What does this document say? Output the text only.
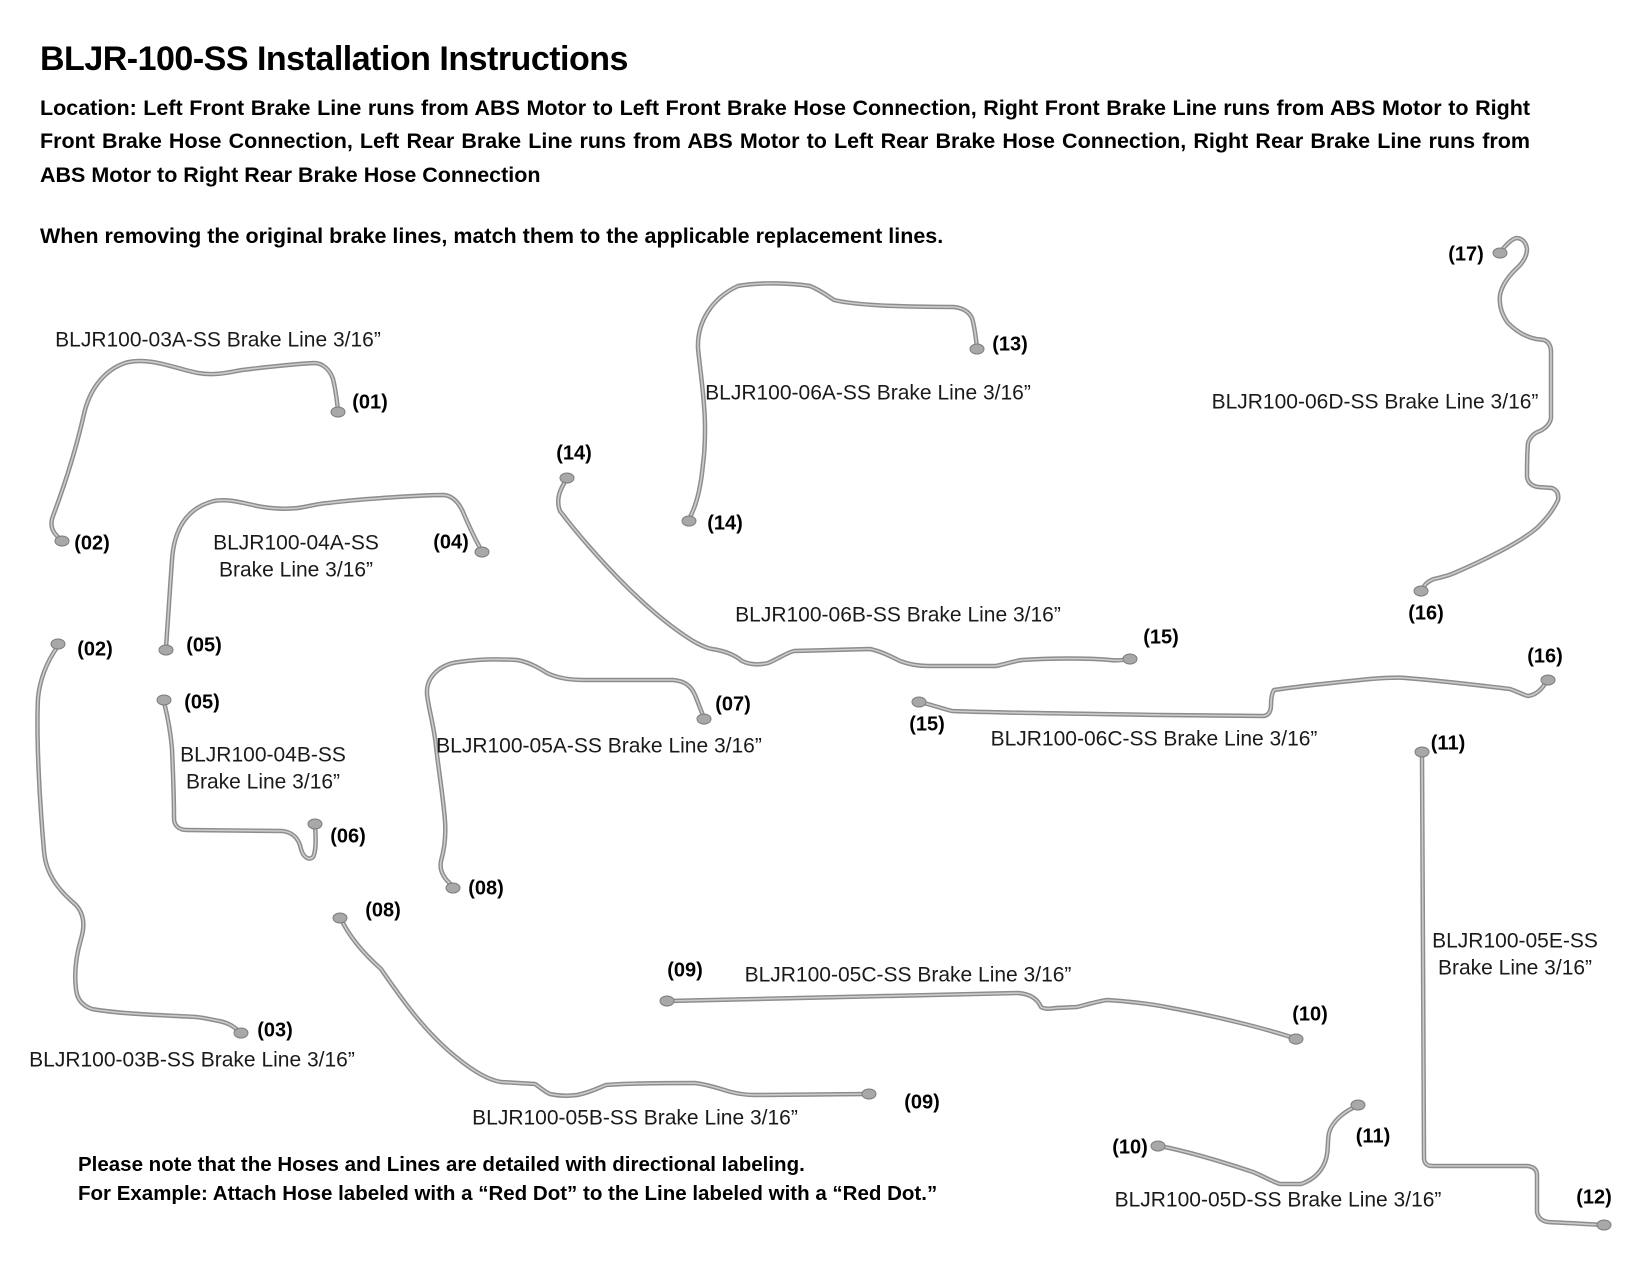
BLJR-100-SS Installation Instructions

Location: Left Front Brake Line runs from ABS Motor to Left Front Brake Hose Connection, Right Front Brake Line runs from ABS Motor to Right Front Brake Hose Connection, Left Rear Brake Line runs from ABS Motor to Left Rear Brake Hose Connection, Right Rear Brake Line runs from ABS Motor to Right Rear Brake Hose Connection

When removing the original brake lines, match them to the applicable replacement lines.

BLJR100-03A-SS Brake Line 3/16”
BLJR100-04A-SS
Brake Line 3/16”
BLJR100-04B-SS
Brake Line 3/16”
BLJR100-05A-SS Brake Line 3/16”
BLJR100-06A-SS Brake Line 3/16”
BLJR100-06B-SS Brake Line 3/16”
BLJR100-06C-SS Brake Line 3/16”
BLJR100-06D-SS Brake Line 3/16”
BLJR100-05C-SS Brake Line 3/16”
BLJR100-05E-SS
Brake Line 3/16”
BLJR100-03B-SS Brake Line 3/16”
BLJR100-05B-SS Brake Line 3/16”
BLJR100-05D-SS Brake Line 3/16”
(01)
(02)
(02)
(03)
(04)
(05)
(05)
(06)
(07)
(08)
(08)
(09)
(09)
(10)
(10)
(11)
(11)
(12)
(13)
(14)
(14)
(15)
(15)
(16)
(16)
(17)
Please note that the Hoses and Lines are detailed with directional labeling.
For Example: Attach Hose labeled with a “Red Dot” to the Line labeled with a “Red Dot.”
